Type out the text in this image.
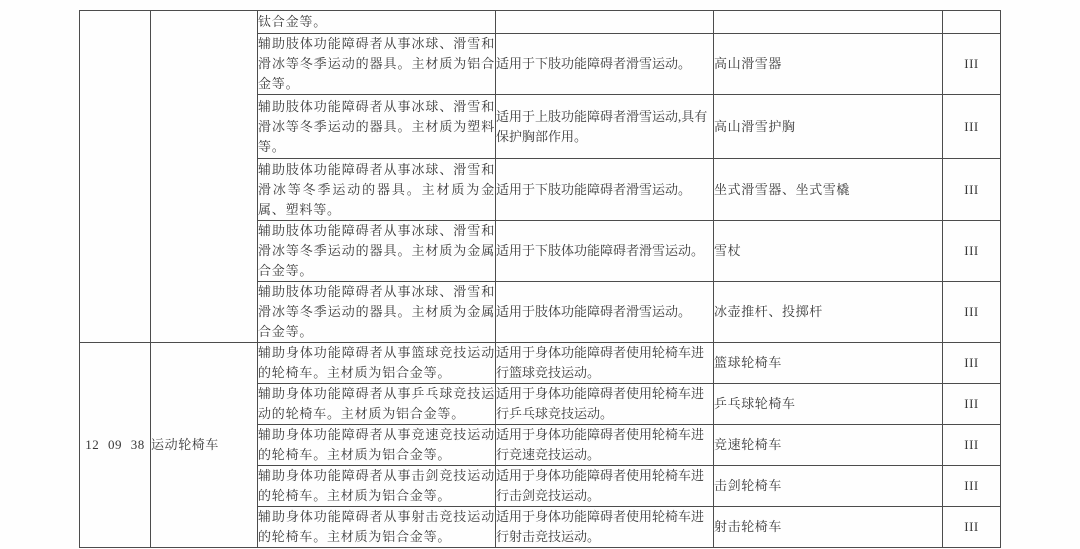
		钛合金等。			
		辅助肢体功能障碍者从事冰球、滑雪和滑冰等冬季运动的器具。主材质为铝合金等。	适用于下肢功能障碍者滑雪运动。	高山滑雪器	III
		辅助肢体功能障碍者从事冰球、滑雪和滑冰等冬季运动的器具。主材质为塑料等。	适用于上肢功能障碍者滑雪运动,具有保护胸部作用。	高山滑雪护胸	III
		辅助肢体功能障碍者从事冰球、滑雪和滑冰等冬季运动的器具。主材质为金属、塑料等。	适用于下肢功能障碍者滑雪运动。	坐式滑雪器、坐式雪橇	III
		辅助肢体功能障碍者从事冰球、滑雪和滑冰等冬季运动的器具。主材质为金属合金等。	适用于下肢体功能障碍者滑雪运动。	雪杖	III
		辅助肢体功能障碍者从事冰球、滑雪和滑冰等冬季运动的器具。主材质为金属合金等。	适用于肢体功能障碍者滑雪运动。	冰壶推杆、投掷杆	III
12 09 38	运动轮椅车	辅助身体功能障碍者从事篮球竞技运动的轮椅车。主材质为铝合金等。	适用于身体功能障碍者使用轮椅车进行篮球竞技运动。	篮球轮椅车	III
		辅助身体功能障碍者从事乒乓球竞技运动的轮椅车。主材质为铝合金等。	适用于身体功能障碍者使用轮椅车进行乒乓球竞技运动。	乒乓球轮椅车	III
		辅助身体功能障碍者从事竞速竞技运动的轮椅车。主材质为铝合金等。	适用于身体功能障碍者使用轮椅车进行竞速竞技运动。	竞速轮椅车	III
		辅助身体功能障碍者从事击剑竞技运动的轮椅车。主材质为铝合金等。	适用于身体功能障碍者使用轮椅车进行击剑竞技运动。	击剑轮椅车	III
		辅助身体功能障碍者从事射击竞技运动的轮椅车。主材质为铝合金等。	适用于身体功能障碍者使用轮椅车进行射击竞技运动。	射击轮椅车	III
